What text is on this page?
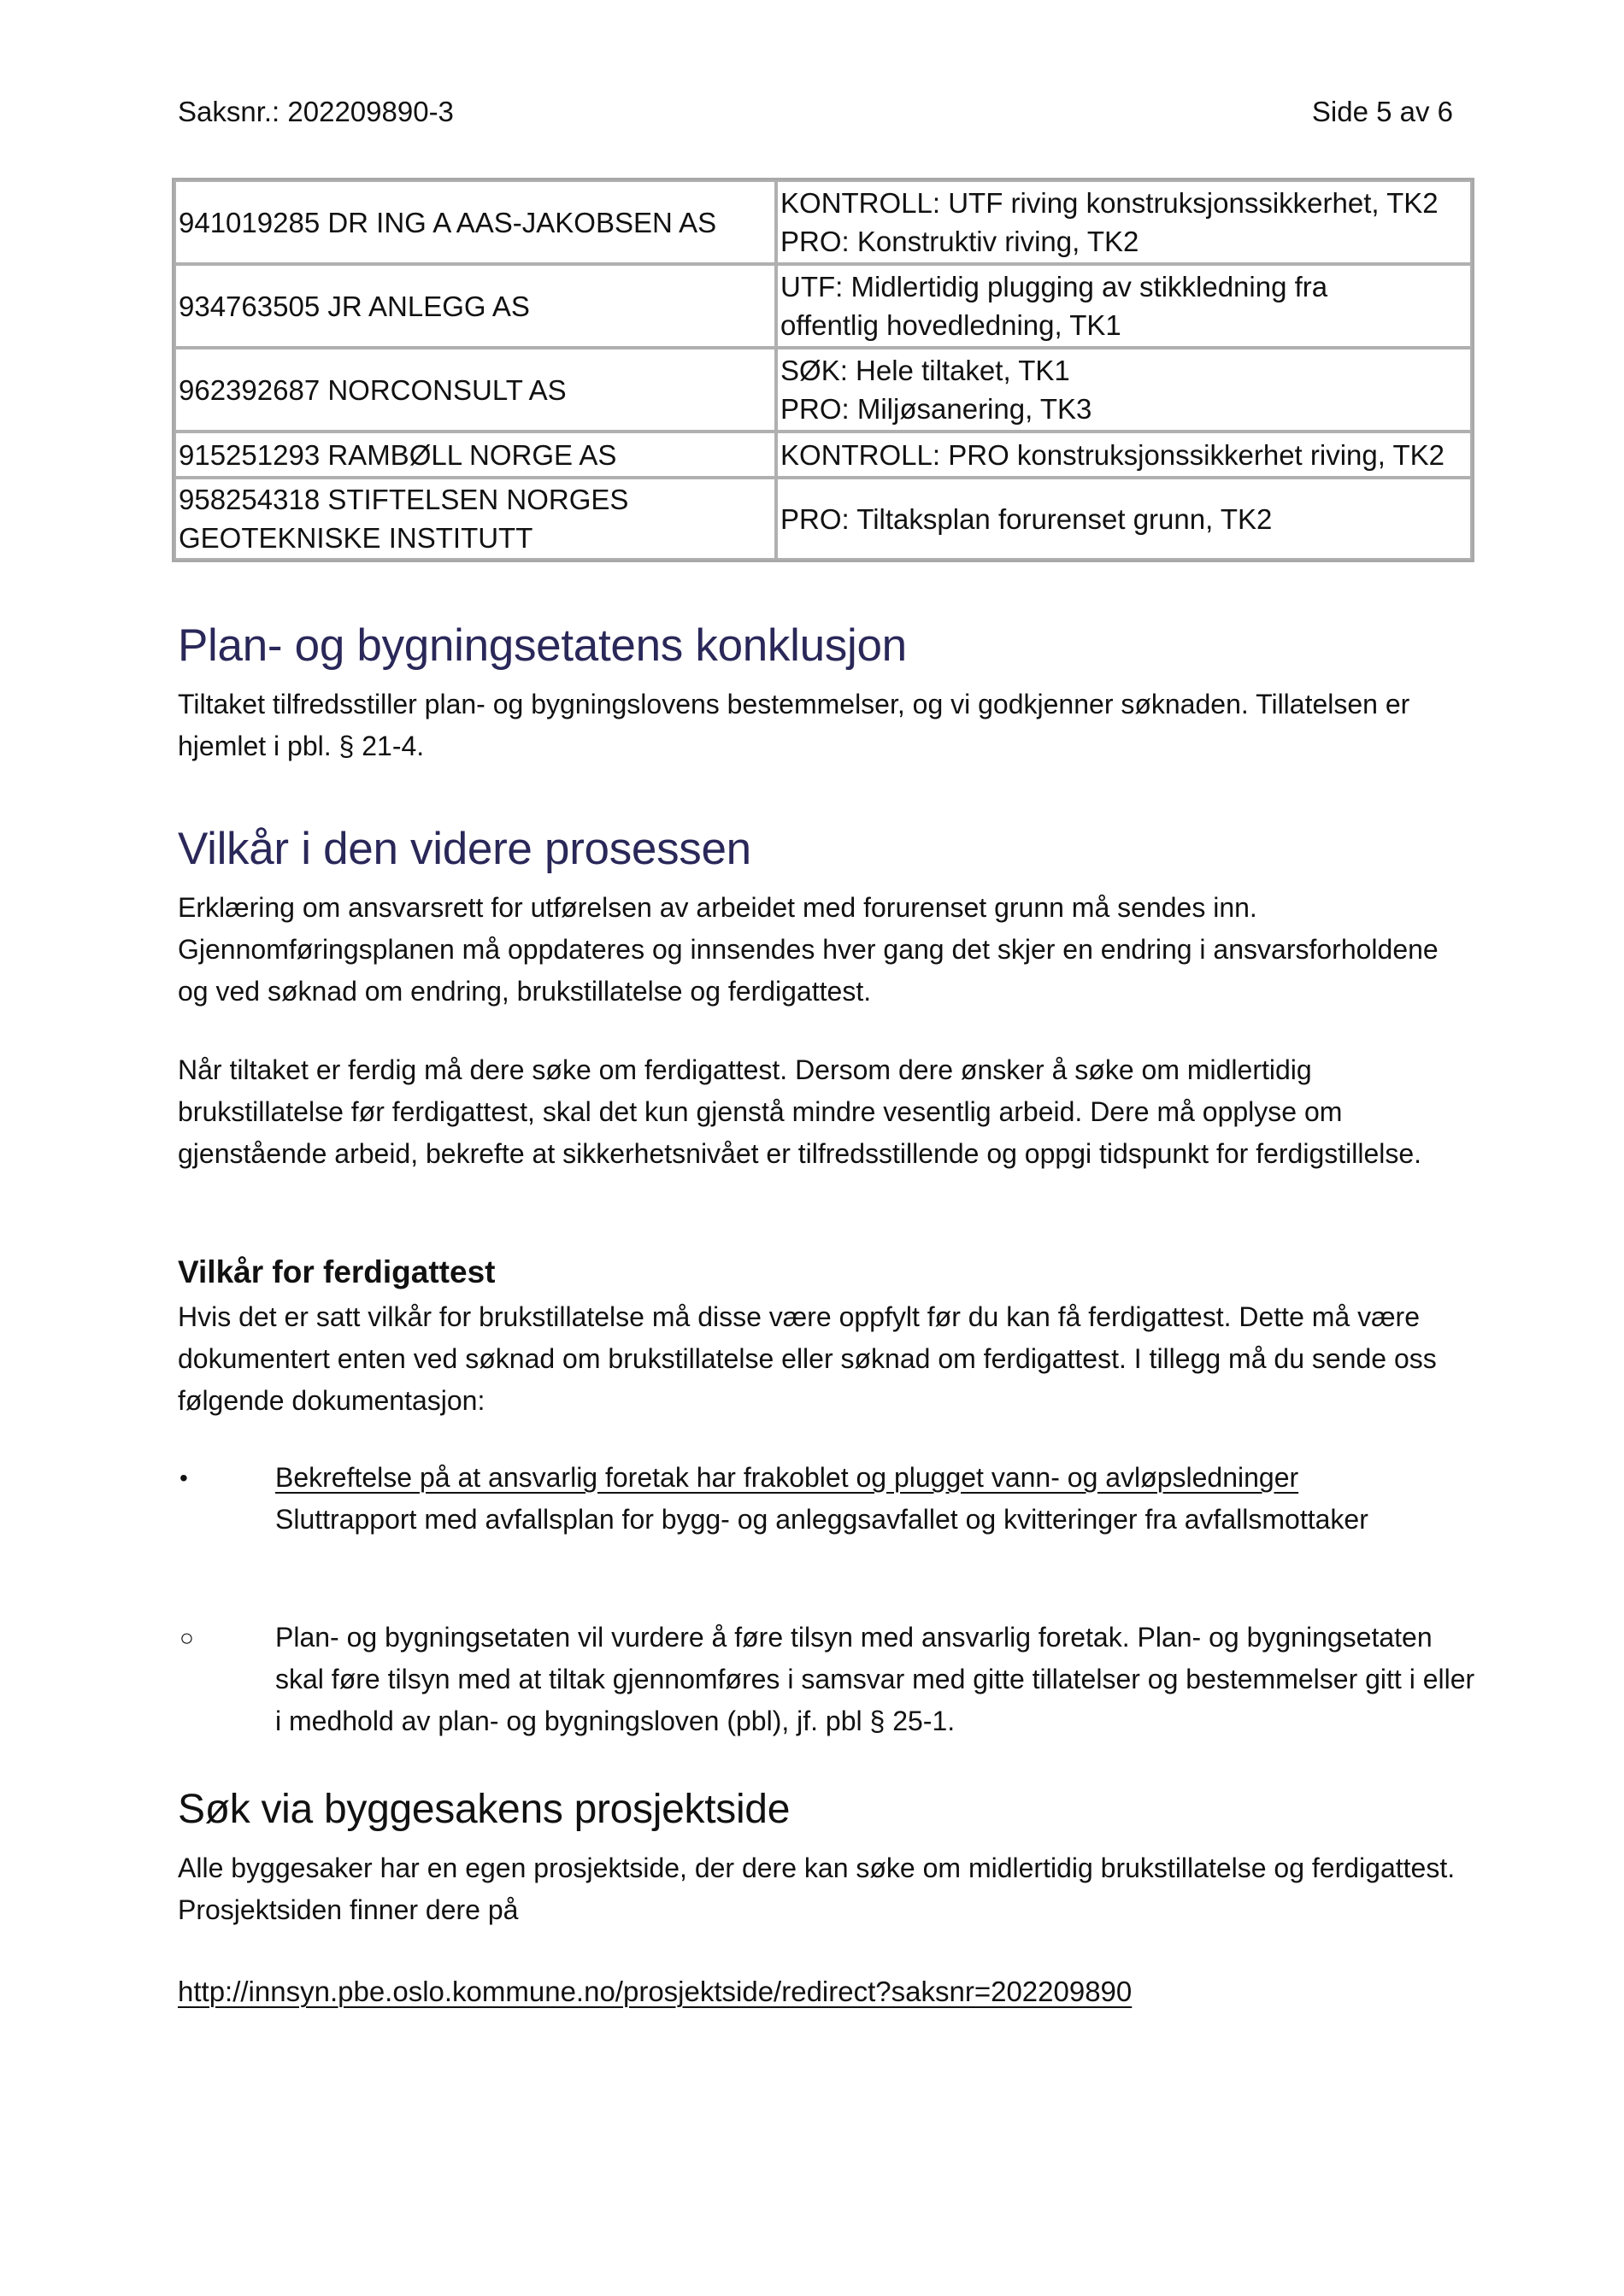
Saksnr.: 202209890-3	Side 5 av 6
941019285 DR ING A AAS-JAKOBSEN AS	KONTROLL: UTF riving konstruksjonssikkerhet, TK2
PRO: Konstruktiv riving, TK2

934763505 JR ANLEGG AS	UTF: Midlertidig plugging av stikkledning fra
offentlig hovedledning, TK1

962392687 NORCONSULT AS	SØK: Hele tiltaket, TK1
PRO: Miljøsanering, TK3

915251293 RAMBØLL NORGE AS	KONTROLL: PRO konstruksjonssikkerhet riving, TK2

958254318 STIFTELSEN NORGES GEOTEKNISKE INSTITUTT	PRO: Tiltaksplan forurenset grunn, TK2
Plan- og bygningsetatens konklusjon

Tiltaket tilfredsstiller plan- og bygningslovens bestemmelser, og vi godkjenner søknaden. Tillatelsen er hjemlet i pbl. § 21-4.

Vilkår i den videre prosessen

Erklæring om ansvarsrett for utførelsen av arbeidet med forurenset grunn må sendes inn. Gjennomføringsplanen må oppdateres og innsendes hver gang det skjer en endring i ansvarsforholdene og ved søknad om endring, brukstillatelse og ferdigattest.

Når tiltaket er ferdig må dere søke om ferdigattest. Dersom dere ønsker å søke om midlertidig brukstillatelse før ferdigattest, skal det kun gjenstå mindre vesentlig arbeid. Dere må opplyse om gjenstående arbeid, bekrefte at sikkerhetsnivået er tilfredsstillende og oppgi tidspunkt for ferdigstillelse.

Vilkår for ferdigattest

Hvis det er satt vilkår for brukstillatelse må disse være oppfylt før du kan få ferdigattest. Dette må være dokumentert enten ved søknad om brukstillatelse eller søknad om ferdigattest. I tillegg må du sende oss følgende dokumentasjon:

•	Bekreftelse på at ansvarlig foretak har frakoblet og plugget vann- og avløpsledninger
Sluttrapport med avfallsplan for bygg- og anleggsavfallet og kvitteringer fra avfallsmottaker
○	Plan- og bygningsetaten vil vurdere å føre tilsyn med ansvarlig foretak. Plan- og bygningsetaten skal føre tilsyn med at tiltak gjennomføres i samsvar med gitte tillatelser og bestemmelser gitt i eller i medhold av plan- og bygningsloven (pbl), jf. pbl § 25-1.
Søk via byggesakens prosjektside

Alle byggesaker har en egen prosjektside, der dere kan søke om midlertidig brukstillatelse og ferdigattest. Prosjektsiden finner dere på

http://innsyn.pbe.oslo.kommune.no/prosjektside/redirect?saksnr=202209890
